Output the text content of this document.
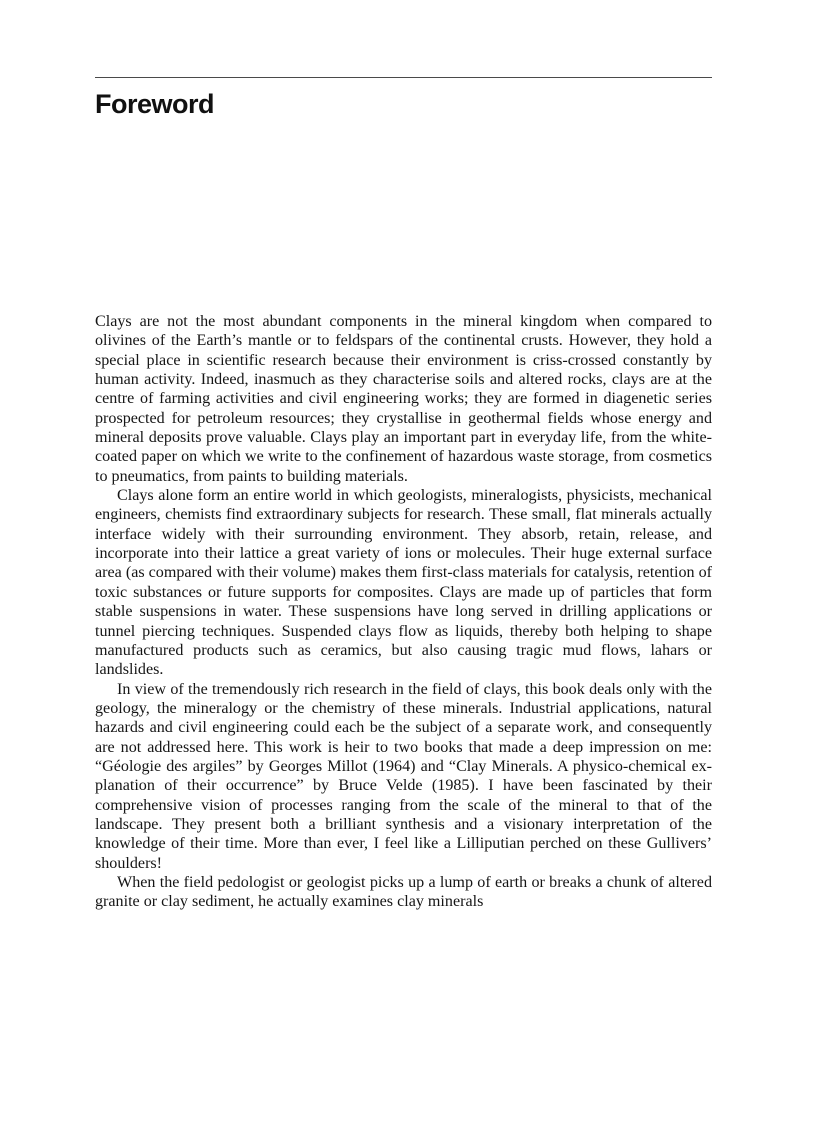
Foreword

Clays are not the most abundant components in the mineral kingdom when compared to olivines of the Earth’s mantle or to feldspars of the continental crusts. However, they hold a special place in scientific research because their environment is criss-crossed constantly by human activity. Indeed, inasmuch as they characterise soils and altered rocks, clays are at the centre of farming activities and civil engineering works; they are formed in diagenetic series prospected for petroleum resources; they crystallise in geothermal fields whose energy and mineral deposits prove valuable. Clays play an important part in everyday life, from the white-coated paper on which we write to the confinement of hazardous waste storage, from cosmetics to pneumatics, from paints to building materials.

Clays alone form an entire world in which geologists, mineralogists, physicists, mechanical engineers, chemists find extraordinary subjects for research. These small, flat minerals actually interface widely with their surrounding environment. They absorb, retain, release, and incorporate into their lattice a great variety of ions or molecules. Their huge external surface area (as compared with their volume) makes them first-class materials for catalysis, retention of toxic substances or future supports for composites. Clays are made up of particles that form stable suspensions in water. These suspensions have long served in drilling applications or tunnel piercing techniques. Suspended clays flow as liquids, thereby both helping to shape manufactured products such as ceramics, but also causing tragic mud flows, lahars or landslides.

In view of the tremendously rich research in the field of clays, this book deals only with the geology, the mineralogy or the chemistry of these minerals. Industrial applications, natural hazards and civil engineering could each be the subject of a separate work, and consequently are not addressed here. This work is heir to two books that made a deep impression on me: “Géologie des argiles” by Georges Millot (1964) and “Clay Minerals. A physico-chemical explanation of their occurrence” by Bruce Velde (1985). I have been fascinated by their comprehensive vision of processes ranging from the scale of the mineral to that of the landscape. They present both a brilliant synthesis and a visionary interpretation of the knowledge of their time. More than ever, I feel like a Lilliputian perched on these Gullivers’ shoulders!

When the field pedologist or geologist picks up a lump of earth or breaks a chunk of altered granite or clay sediment, he actually examines clay minerals
